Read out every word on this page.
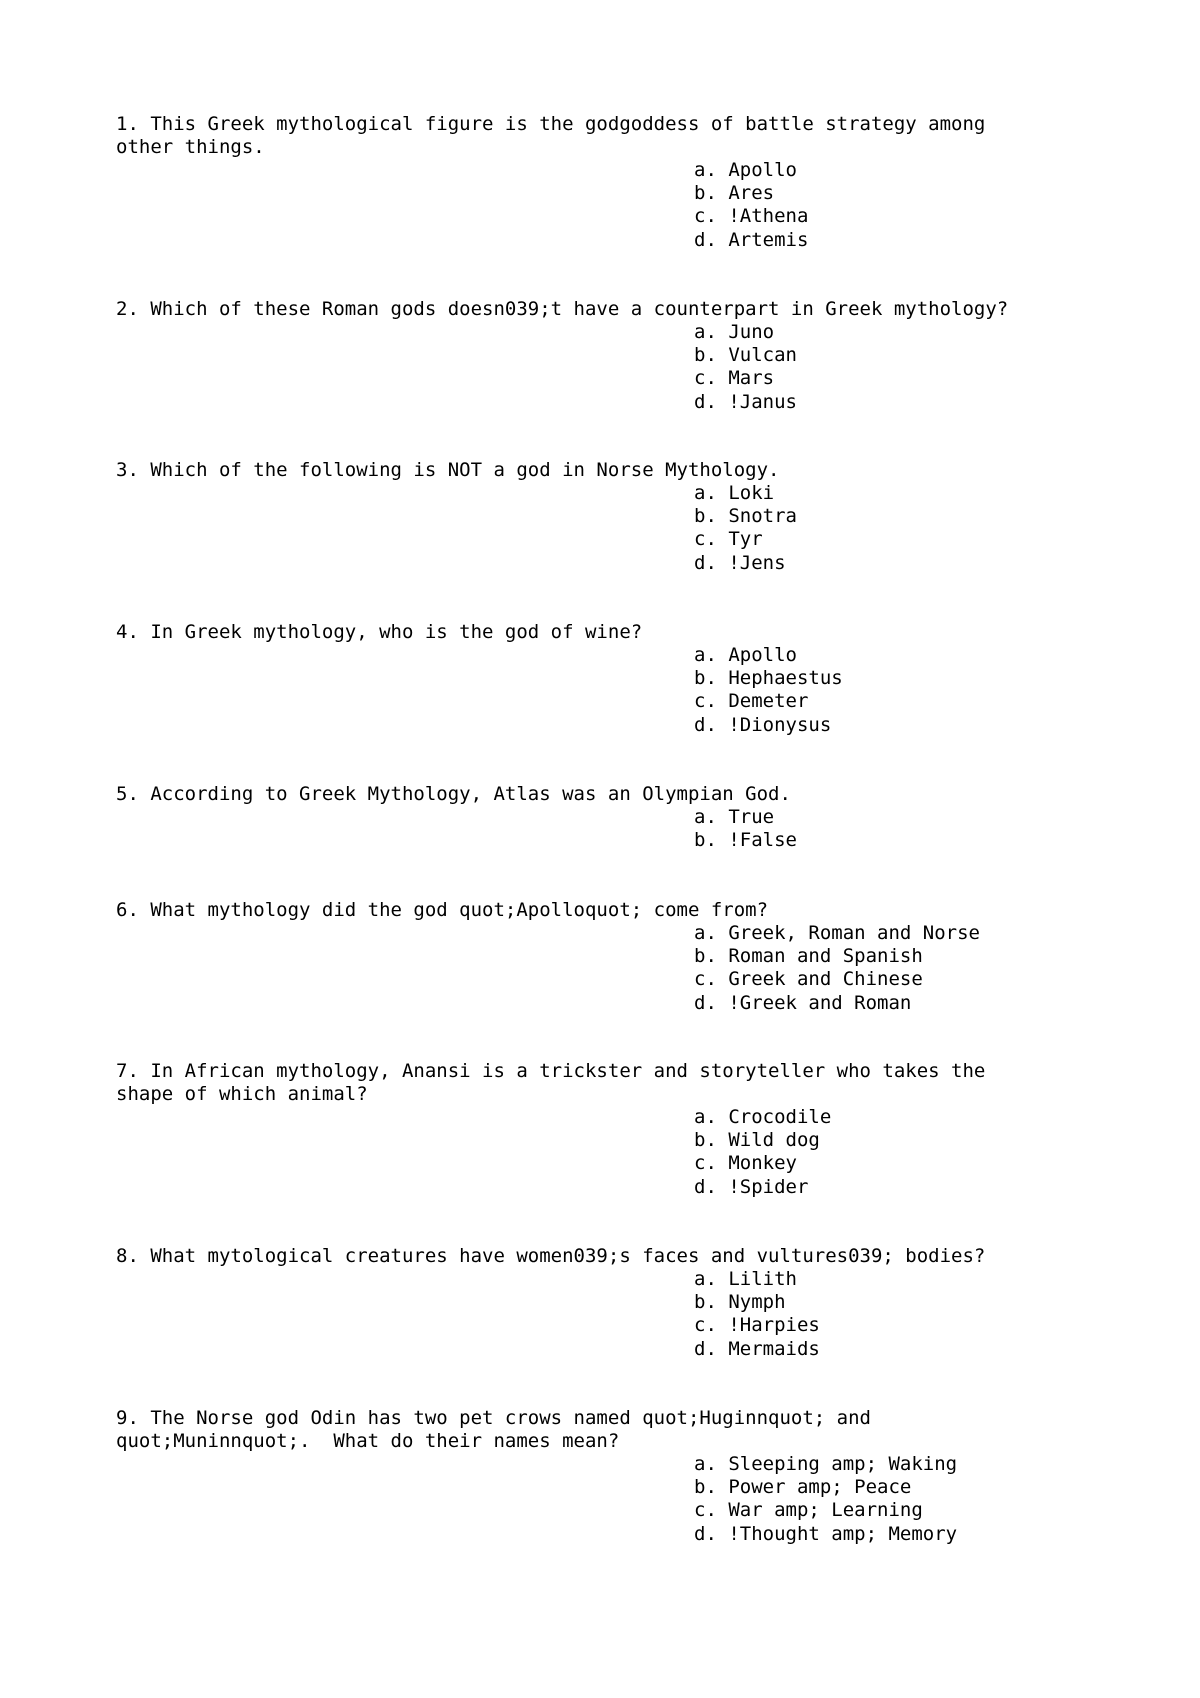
1. This Greek mythological figure is the godgoddess of battle strategy among
other things.

a. Apollo
b. Ares
c. !Athena
d. Artemis

2. Which of these Roman gods doesn039;t have a counterpart in Greek mythology?

a. Juno
b. Vulcan
c. Mars
d. !Janus

3. Which of the following is NOT a god in Norse Mythology.

a. Loki
b. Snotra
c. Tyr
d. !Jens

4. In Greek mythology, who is the god of wine?

a. Apollo
b. Hephaestus
c. Demeter
d. !Dionysus

5. According to Greek Mythology, Atlas was an Olympian God.

a. True
b. !False

6. What mythology did the god quot;Apolloquot; come from?

a. Greek, Roman and Norse
b. Roman and Spanish
c. Greek and Chinese
d. !Greek and Roman

7. In African mythology, Anansi is a trickster and storyteller who takes the
shape of which animal?

a. Crocodile
b. Wild dog
c. Monkey
d. !Spider

8. What mytological creatures have women039;s faces and vultures039; bodies?

a. Lilith
b. Nymph
c. !Harpies
d. Mermaids

9. The Norse god Odin has two pet crows named quot;Huginnquot; and
quot;Muninnquot;.  What do their names mean?

a. Sleeping amp; Waking
b. Power amp; Peace
c. War amp; Learning
d. !Thought amp; Memory
